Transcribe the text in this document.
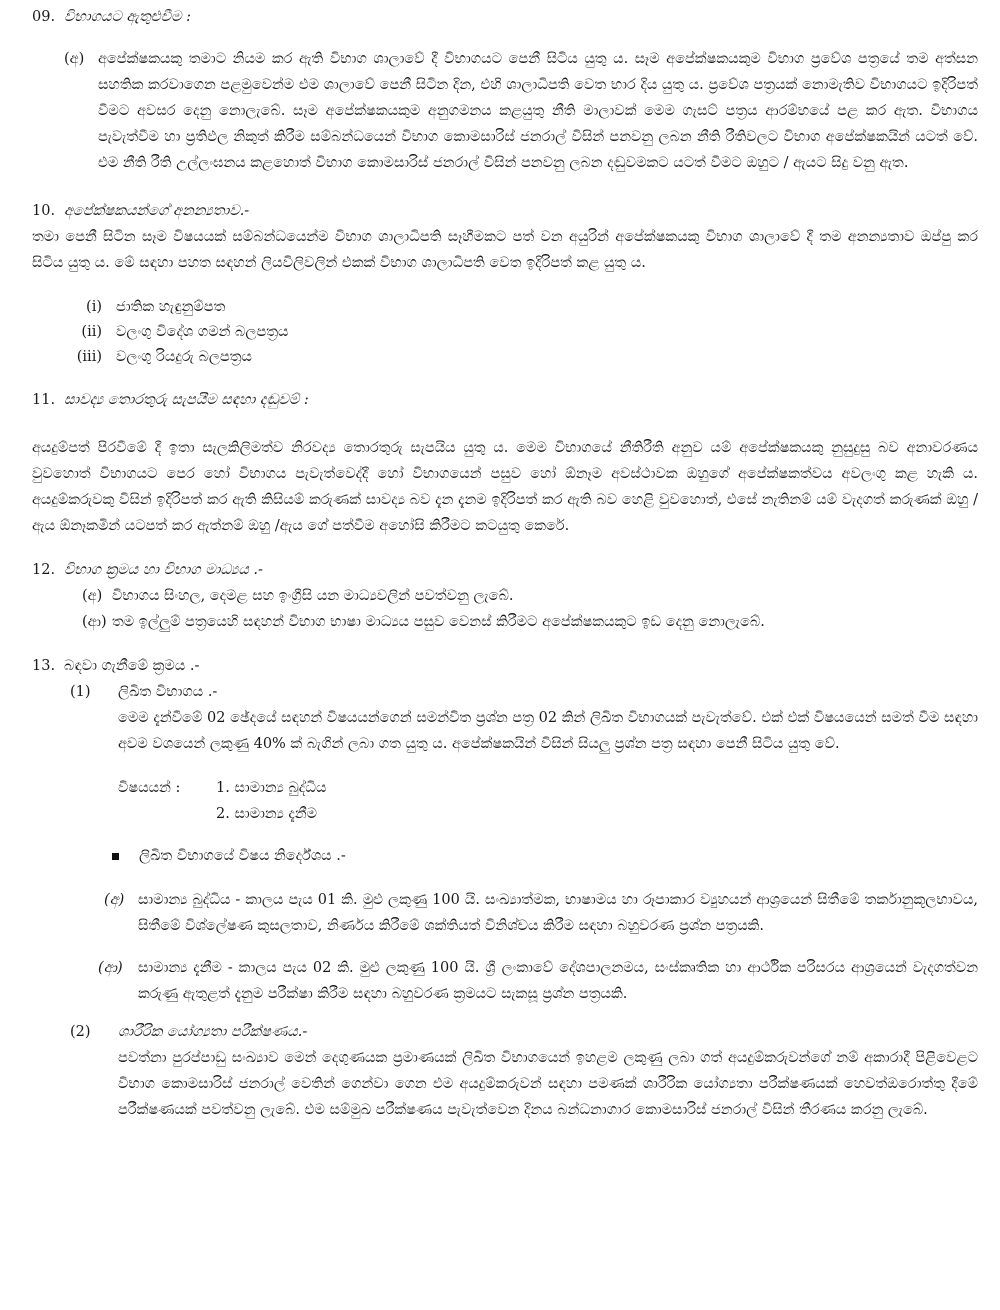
09. විභාගයට ඇතුළුවීම :
(අ) අපේක්ෂකයකු තමාට නියම කර ඇති විභාග ශාලාවේ දී විභාගයට පෙනී සිටිය යුතු ය. සෑම අපේක්ෂකයකුම විභාග ප්‍රවේශ පත්‍රයේ තම අත්සන සහතික කරවාගෙන පළමුවෙන්ම එම ශාලාවේ පෙනී සිටින දින, එහි ශාලාධිපති වෙත භාර දිය යුතු ය. ප්‍රවේශ පත්‍රයක් නොමැතිව විභාගයට ඉදිරිපත් වීමට අවසර දෙනු නොලැබේ. සෑම අපේක්ෂකයකුම අනුගමනය කළයුතු නීති මාලාවක් මෙම ගැසට් පත්‍රය ආරම්භයේ පළ කර ඇත. විභාගය පැවැත්වීම හා ප්‍රතිඵල නිකුත් කිරීම සම්බන්ධයෙන් විභාග කොමසාරිස් ජනරාල් විසින් පනවනු ලබන නීති රීතිවලට විභාග අපේක්ෂකයින් යටත් වේ. එම නීති රීති උල්ලංඝනය කළහොත් විභාග කොමසාරිස් ජනරාල් විසින් පනවනු ලබන දඬුවමකට යටත් වීමට ඔහුට / ඇයට සිදු වනු ඇත.
10. අපේක්ෂකයන්ගේ අනන්‍යතාව.-
තමා පෙනී සිටින සෑම විෂයයක් සම්බන්ධයෙන්ම විභාග ශාලාධිපති සෑහීමකට පත් වන අයුරින් අපේක්ෂකයකු විභාග ශාලාවේ දී තම අනන්‍යතාව ඔප්පු කර සිටිය යුතු ය. මේ සඳහා පහත සඳහන් ලියවිලිවලින් එකක් විභාග ශාලාධිපති වෙත ඉදිරිපත් කළ යුතු ය.
(i) ජාතික හැඳුනුම්පත
(ii) වලංගු විදේශ ගමන් බලපත්‍රය
(iii) වලංගු රියදුරු බලපත්‍රය
11. සාවද්‍ය තොරතුරු සැපයීම සඳහා දඬුවම් :
අයදුම්පත් පිරවීමේ දී ඉතා සැලකිලිමත්ව නිරවද්‍ය තොරතුරු සැපයිය යුතු ය. මෙම විභාගයේ නීතිරීති අනුව යම් අපේක්ෂකයකු නුසුදුසු බව අනාවරණය වුවහොත් විභාගයට පෙර හෝ විභාගය පැවැත්වෙද්දී හෝ විභාගයෙන් පසුව හෝ ඕනෑම අවස්ථාවක ඔහුගේ අපේක්ෂකත්වය අවලංගු කළ හැකි ය. අයදුම්කරුවකු විසින් ඉදිරිපත් කර ඇති කිසියම් කරුණක් සාවද්‍ය බව දැන දැනම ඉදිරිපත් කර ඇති බව හෙළි වුවහොත්, එසේ නැතිනම් යම් වැදගත් කරුණක් ඔහු / ඇය ඕනෑකමින් යටපත් කර ඇත්නම් ඔහු /ඇය ගේ පත්වීම අහෝසි කිරීමට කටයුතු කෙරේ.
12. විභාග ක්‍රමය හා විභාග මාධ්‍යය .-
(අ) විභාගය සිංහල, දෙමළ සහ ඉංග්‍රීසි යන මාධ්‍යවලින් පවත්වනු ලැබේ.
(ආ) තම ඉල්ලුම් පත්‍රයෙහි සඳහන් විභාග භාෂා මාධ්‍යය පසුව වෙනස් කිරීමට අපේක්ෂකයකුට ඉඩ දෙනු නොලැබේ.
13. බඳවා ගැනීමේ ක්‍රමය .-
(1)	ලිඛිත විභාගය .-
මෙම දැන්වීමේ 02 ඡේදයේ සඳහන් විෂයයන්ගෙන් සමන්විත ප්‍රශ්න පත්‍ර 02 කින් ලිඛිත විභාගයක් පැවැත්වේ. එක් එක් විෂයයෙන් සමත් වීම සඳහා අවම වශයෙන් ලකුණු 40% ක් බැගින් ලබා ගත යුතු ය. අපේක්ෂකයින් විසින් සියලු ප්‍රශ්න පත්‍ර සඳහා පෙනී සිටිය යුතු වේ.
විෂයයන් :	1. සාමාන්‍ය බුද්ධිය
2. සාමාන්‍ය දැනීම
ලිඛිත විභාගයේ විෂය නිර්දේශය .-
(අ) සාමාන්‍ය බුද්ධිය - කාලය පැය 01 කි. මුළු ලකුණු 100 යි. සංඛ්‍යාත්මක, භාෂාමය හා රූපාකාර ව්‍යුහයන් ආශ්‍රයෙන් සිතීමේ තර්කානුකූලභාවය, සිතීමේ විශ්ලේෂණ කුසලතාව, නිර්ණය කිරීමේ ශක්තියත් විනිශ්චය කිරීම සඳහා බහුවරණ ප්‍රශ්න පත්‍රයකි.
(ආ)	සාමාන්‍ය දැනීම - කාලය පැය 02 කි. මුළු ලකුණු 100 යි. ශ්‍රී ලංකාවේ දේශපාලනමය, සංස්කෘතික හා ආර්ථික පරිසරය ආශ්‍රයෙන් වැදගත්වන කරුණු ඇතුළත් දැනුම පරීක්ෂා කිරීම සඳහා බහුවරණ ක්‍රමයට සැකසූ ප්‍රශ්න පත්‍රයකි.
(2)	ශාරීරික යෝග්‍යතා පරීක්ෂණය.-
පවත්නා පුරප්පාඩු සංඛ්‍යාව මෙන් දෙගුණයක ප්‍රමාණයක් ලිඛිත විභාගයෙන් ඉහළම ලකුණු ලබා ගත් අයදුම්කරුවන්ගේ නම් අකාරාදී පිළිවෙළට විභාග කොමසාරිස් ජනරාල් වෙතින් ගෙන්වා ගෙන එම අයදුම්කරුවන් සඳහා පමණක් ශාරීරික යෝග්‍යතා පරීක්ෂණයක් හෙවත්ඔරොත්තු දීමේ පරීක්ෂණයක් පවත්වනු ලැබේ. එම සම්මුඛ පරීක්ෂණය පැවැත්වෙන දිනය බන්ධනාගාර කොමසාරිස් ජනරාල් විසින් තීරණය කරනු ලැබේ.
